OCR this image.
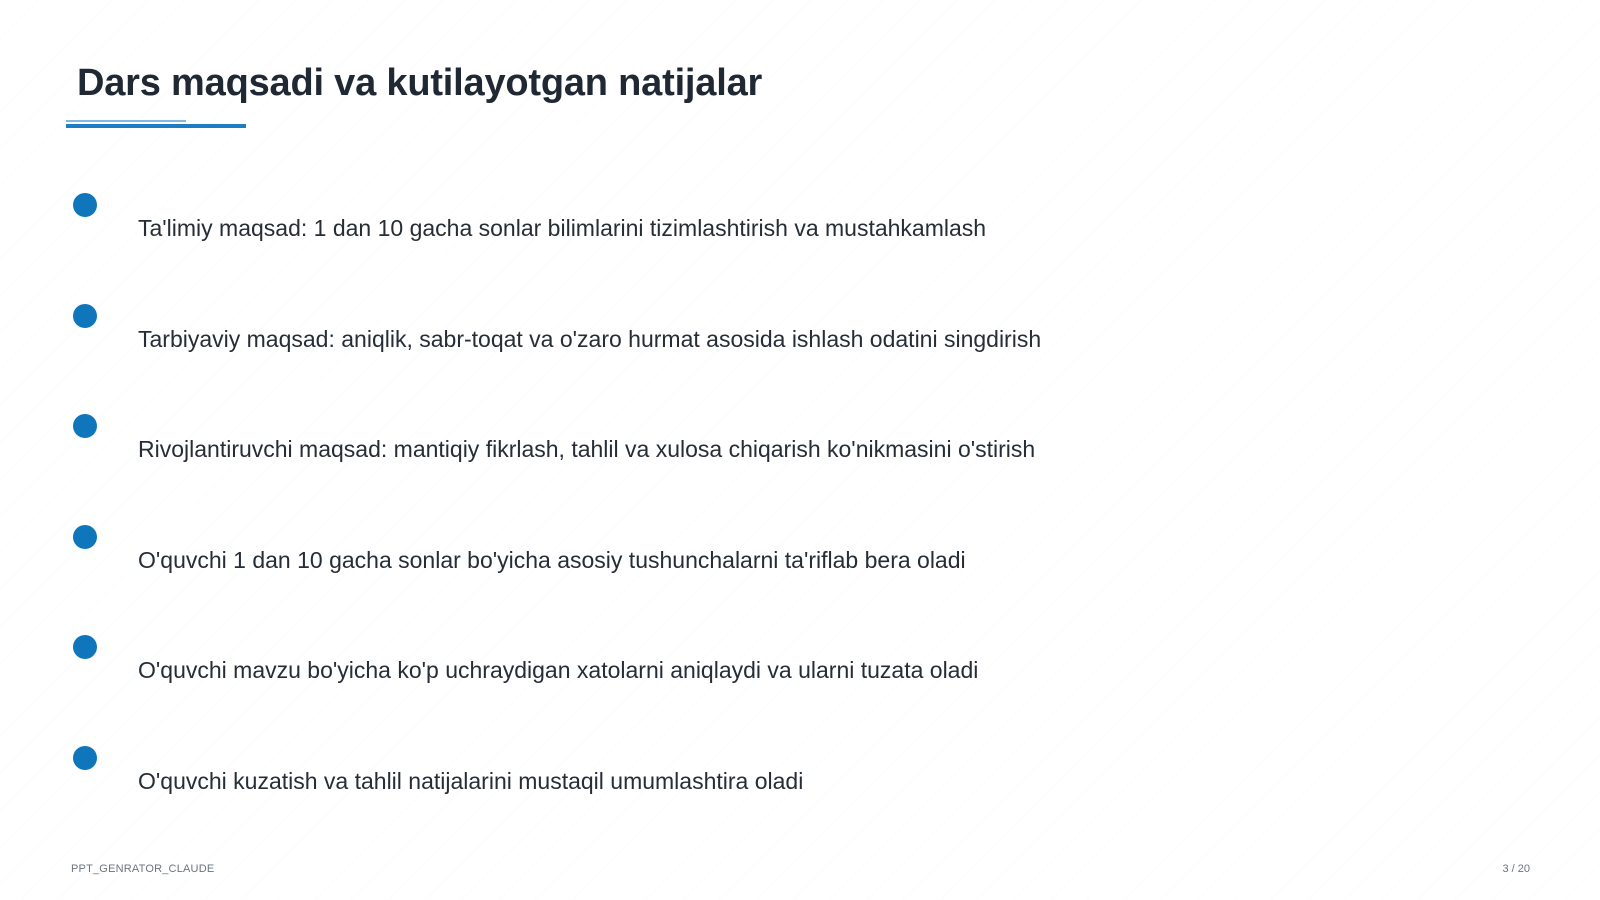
Dars maqsadi va kutilayotgan natijalar
Ta'limiy maqsad: 1 dan 10 gacha sonlar bilimlarini tizimlashtirish va mustahkamlash
Tarbiyaviy maqsad: aniqlik, sabr-toqat va o'zaro hurmat asosida ishlash odatini singdirish
Rivojlantiruvchi maqsad: mantiqiy fikrlash, tahlil va xulosa chiqarish ko'nikmasini o'stirish
O'quvchi 1 dan 10 gacha sonlar bo'yicha asosiy tushunchalarni ta'riflab bera oladi
O'quvchi mavzu bo'yicha ko'p uchraydigan xatolarni aniqlaydi va ularni tuzata oladi
O'quvchi kuzatish va tahlil natijalarini mustaqil umumlashtira oladi
PPT_GENRATOR_CLAUDE	3 / 20
